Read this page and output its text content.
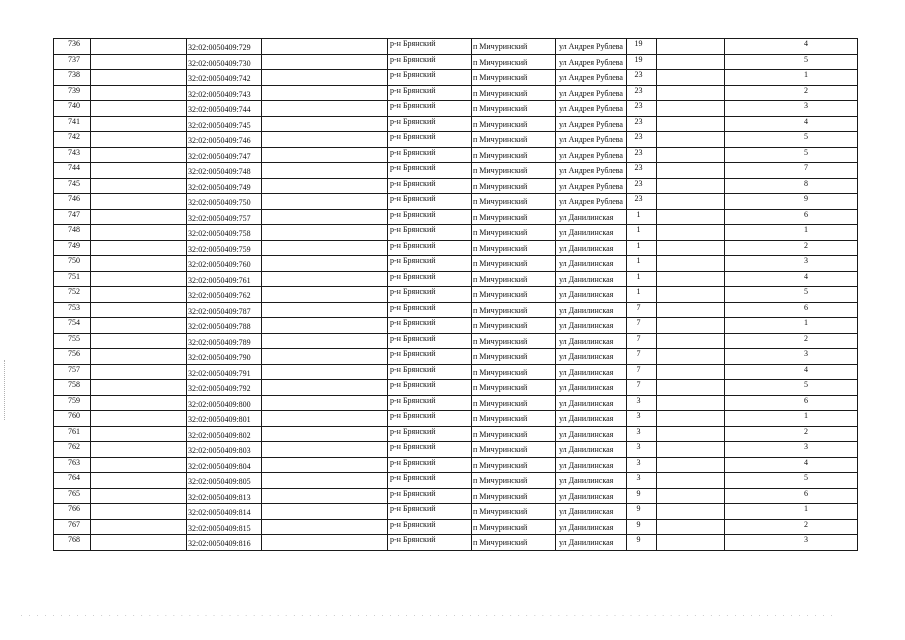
736		32:02:0050409:729		р-н Брянский	п Мичуринский	ул Андрея Рублева	19		4

737		32:02:0050409:730		р-н Брянский	п Мичуринский	ул Андрея Рублева	19		5

738		32:02:0050409:742		р-н Брянский	п Мичуринский	ул Андрея Рублева	23		1

739		32:02:0050409:743		р-н Брянский	п Мичуринский	ул Андрея Рублева	23		2

740		32:02:0050409:744		р-н Брянский	п Мичуринский	ул Андрея Рублева	23		3

741		32:02:0050409:745		р-н Брянский	п Мичуринский	ул Андрея Рублева	23		4

742		32:02:0050409:746		р-н Брянский	п Мичуринский	ул Андрея Рублева	23		5

743		32:02:0050409:747		р-н Брянский	п Мичуринский	ул Андрея Рублева	23		5

744		32:02:0050409:748		р-н Брянский	п Мичуринский	ул Андрея Рублева	23		7

745		32:02:0050409:749		р-н Брянский	п Мичуринский	ул Андрея Рублева	23		8

746		32:02:0050409:750		р-н Брянский	п Мичуринский	ул Андрея Рублева	23		9

747		32:02:0050409:757		р-н Брянский	п Мичуринский	ул Данилинская	1		6

748		32:02:0050409:758		р-н Брянский	п Мичуринский	ул Данилинская	1		1

749		32:02:0050409:759		р-н Брянский	п Мичуринский	ул Данилинская	1		2

750		32:02:0050409:760		р-н Брянский	п Мичуринский	ул Данилинская	1		3

751		32:02:0050409:761		р-н Брянский	п Мичуринский	ул Данилинская	1		4

752		32:02:0050409:762		р-н Брянский	п Мичуринский	ул Данилинская	1		5

753		32:02:0050409:787		р-н Брянский	п Мичуринский	ул Данилинская	7		6

754		32:02:0050409:788		р-н Брянский	п Мичуринский	ул Данилинская	7		1

755		32:02:0050409:789		р-н Брянский	п Мичуринский	ул Данилинская	7		2

756		32:02:0050409:790		р-н Брянский	п Мичуринский	ул Данилинская	7		3

757		32:02:0050409:791		р-н Брянский	п Мичуринский	ул Данилинская	7		4

758		32:02:0050409:792		р-н Брянский	п Мичуринский	ул Данилинская	7		5

759		32:02:0050409:800		р-н Брянский	п Мичуринский	ул Данилинская	3		6

760		32:02:0050409:801		р-н Брянский	п Мичуринский	ул Данилинская	3		1

761		32:02:0050409:802		р-н Брянский	п Мичуринский	ул Данилинская	3		2

762		32:02:0050409:803		р-н Брянский	п Мичуринский	ул Данилинская	3		3

763		32:02:0050409:804		р-н Брянский	п Мичуринский	ул Данилинская	3		4

764		32:02:0050409:805		р-н Брянский	п Мичуринский	ул Данилинская	3		5

765		32:02:0050409:813		р-н Брянский	п Мичуринский	ул Данилинская	9		6

766		32:02:0050409:814		р-н Брянский	п Мичуринский	ул Данилинская	9		1

767		32:02:0050409:815		р-н Брянский	п Мичуринский	ул Данилинская	9		2

768		32:02:0050409:816		р-н Брянский	п Мичуринский	ул Данилинская	9		3
. . . . . . . . . . . . . . . . . . . . . . . . . . . . . . . . . . . . . . . . . . . . . . . . . . . . . . . . . . . . . . . . . . . . . . . . . . . . . . . . . . . . . . . . . . . . . . . . . . . . . .
